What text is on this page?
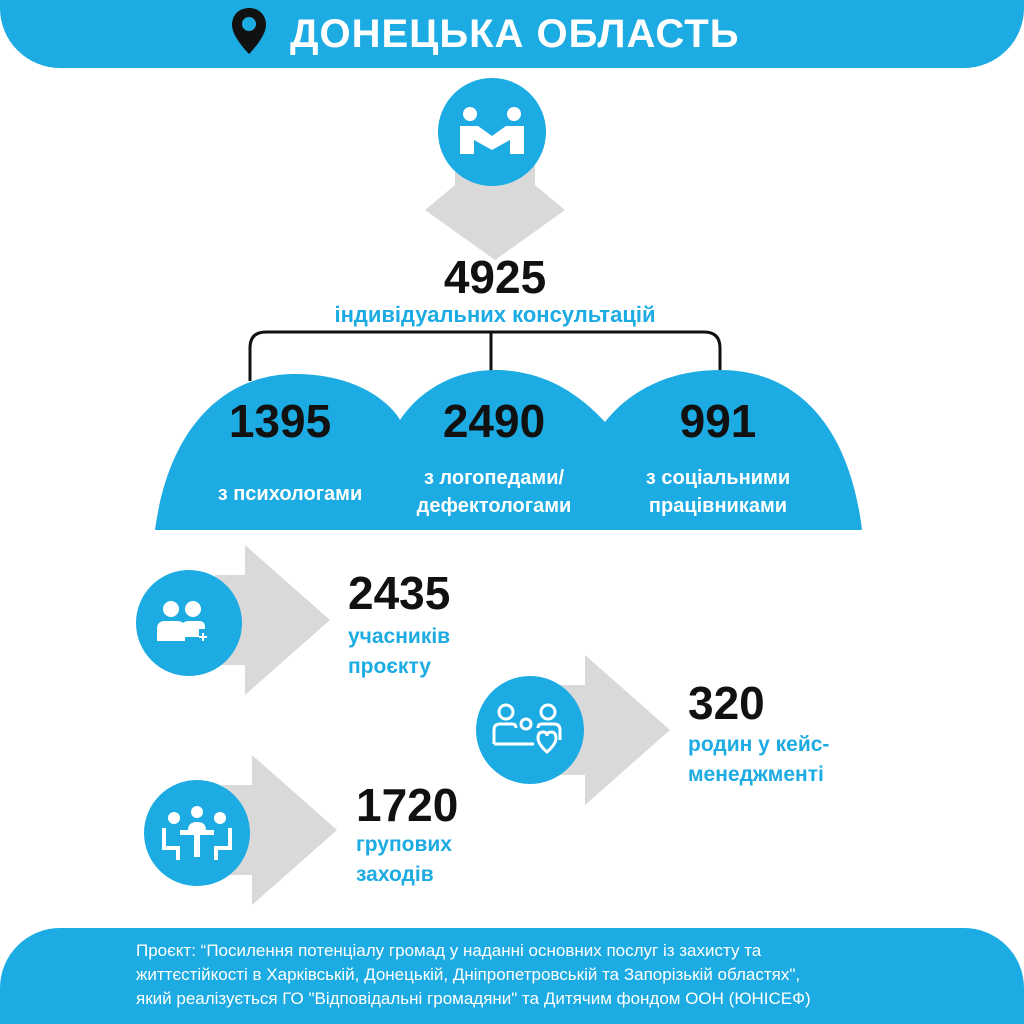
ДОНЕЦЬКА ОБЛАСТЬ
4925
індивідуальних консультацій
1395
з психологами
2490
з логопедами/
дефектологами
991
з соціальними
працівниками
2435
учасників
проєкту
320
родин у кейс-
менеджменті
1720
групових
заходів
Проєкт: “Посилення потенціалу громад у наданні основних послуг із захисту та
життєстійкості в Харківській, Донецькій, Дніпропетровській та Запорізькій областях",
який реалізується ГО "Відповідальні громадяни" та Дитячим фондом ООН (ЮНІСЕФ)
